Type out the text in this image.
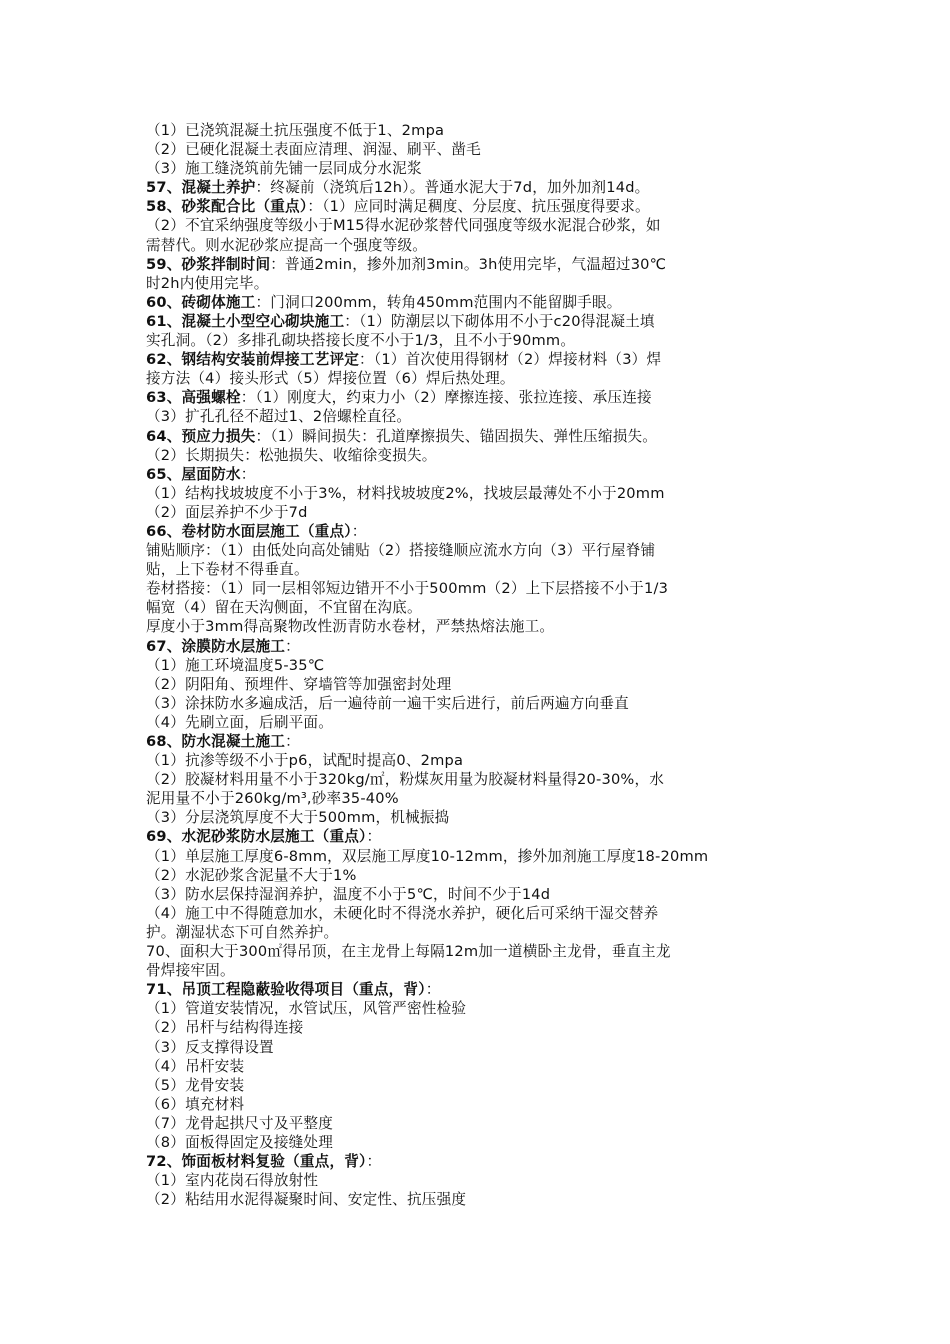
（1）已浇筑混凝土抗压强度不低于1、2mpa
（2）已硬化混凝土表面应清理、润湿、刷平、凿毛
（3）施工缝浇筑前先铺一层同成分水泥浆
57、混凝土养护：终凝前（浇筑后12h）。普通水泥大于7d，加外加剂14d。
58、砂浆配合比（重点）：（1）应同时满足稠度、分层度、抗压强度得要求。
（2）不宜采纳强度等级小于M15得水泥砂浆替代同强度等级水泥混合砂浆，如
需替代。则水泥砂浆应提高一个强度等级。
59、砂浆拌制时间：普通2min，掺外加剂3min。3h使用完毕，气温超过30℃
时2h内使用完毕。
60、砖砌体施工：门洞口200mm，转角450mm范围内不能留脚手眼。
61、混凝土小型空心砌块施工：（1）防潮层以下砌体用不小于c20得混凝土填
实孔洞。（2）多排孔砌块搭接长度不小于1/3，且不小于90mm。
62、钢结构安装前焊接工艺评定：（1）首次使用得钢材（2）焊接材料（3）焊
接方法（4）接头形式（5）焊接位置（6）焊后热处理。
63、高强螺栓：（1）刚度大，约束力小（2）摩擦连接、张拉连接、承压连接
（3）扩孔孔径不超过1、2倍螺栓直径。
64、预应力损失：（1）瞬间损失：孔道摩擦损失、锚固损失、弹性压缩损失。
（2）长期损失：松弛损失、收缩徐变损失。
65、屋面防水：
（1）结构找坡坡度不小于3%，材料找坡坡度2%，找坡层最薄处不小于20mm
（2）面层养护不少于7d
66、卷材防水面层施工（重点）：
铺贴顺序：（1）由低处向高处铺贴（2）搭接缝顺应流水方向（3）平行屋脊铺
贴，上下卷材不得垂直。
卷材搭接：（1）同一层相邻短边错开不小于500mm（2）上下层搭接不小于1/3
幅宽（4）留在天沟侧面，不宜留在沟底。
厚度小于3mm得高聚物改性沥青防水卷材，严禁热熔法施工。
67、涂膜防水层施工：
（1）施工环境温度5-35℃
（2）阴阳角、预埋件、穿墙管等加强密封处理
（3）涂抹防水多遍成活，后一遍待前一遍干实后进行，前后两遍方向垂直
（4）先刷立面，后刷平面。
68、防水混凝土施工：
（1）抗渗等级不小于p6，试配时提高0、2mpa
（2）胶凝材料用量不小于320kg/㎡，粉煤灰用量为胶凝材料量得20-30%，水
泥用量不小于260kg/m³,砂率35-40%
（3）分层浇筑厚度不大于500mm，机械振捣
69、水泥砂浆防水层施工（重点）：
（1）单层施工厚度6-8mm，双层施工厚度10-12mm，掺外加剂施工厚度18-20mm
（2）水泥砂浆含泥量不大于1%
（3）防水层保持湿润养护，温度不小于5℃，时间不少于14d
（4）施工中不得随意加水，未硬化时不得浇水养护，硬化后可采纳干湿交替养
护。潮湿状态下可自然养护。
70、面积大于300㎡得吊顶，在主龙骨上每隔12m加一道横卧主龙骨，垂直主龙
骨焊接牢固。
71、吊顶工程隐蔽验收得项目（重点，背）：
（1）管道安装情况，水管试压，风管严密性检验
（2）吊杆与结构得连接
（3）反支撑得设置
（4）吊杆安装
（5）龙骨安装
（6）填充材料
（7）龙骨起拱尺寸及平整度
（8）面板得固定及接缝处理
72、饰面板材料复验（重点，背）：
（1）室内花岗石得放射性
（2）粘结用水泥得凝聚时间、安定性、抗压强度
